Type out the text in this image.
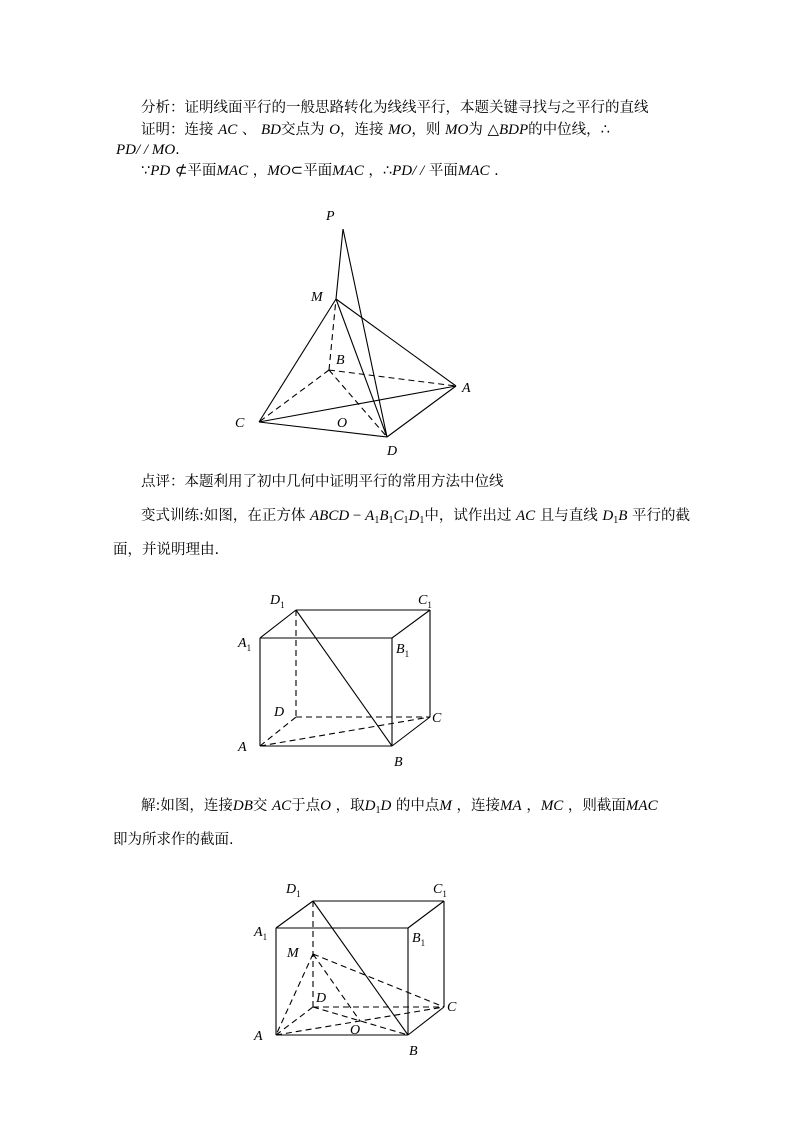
分析：证明线面平行的一般思路转化为线线平行，本题关键寻找与之平行的直线
证明：连接 AC 、 BD交点为 O，连接 MO，则 MO为 △BDP的中位线，∴
PD/ / MO.
∵PD ⊄平面MAC ，MO⊂平面MAC ，∴PD/ / 平面MAC .
P
M
B
A
C	O
D
点评：本题利用了初中几何中证明平行的常用方法中位线
变式训练:如图，在正方体 ABCD − $A_1B_1C_1D_1$中，试作出过 AC 且与直线 $D_1B$ 平行的截
面，并说明理由.
$D_1$	$C_1$
$A_1$	$B_1$
D	C
A
B
解:如图，连接DB交 AC于点O ，取$D_1D$ 的中点M ，连接MA ，MC ，则截面MAC
即为所求作的截面.
$D_1$	$C_1$
$A_1$	$B_1$
M
D
C
A	O
B
